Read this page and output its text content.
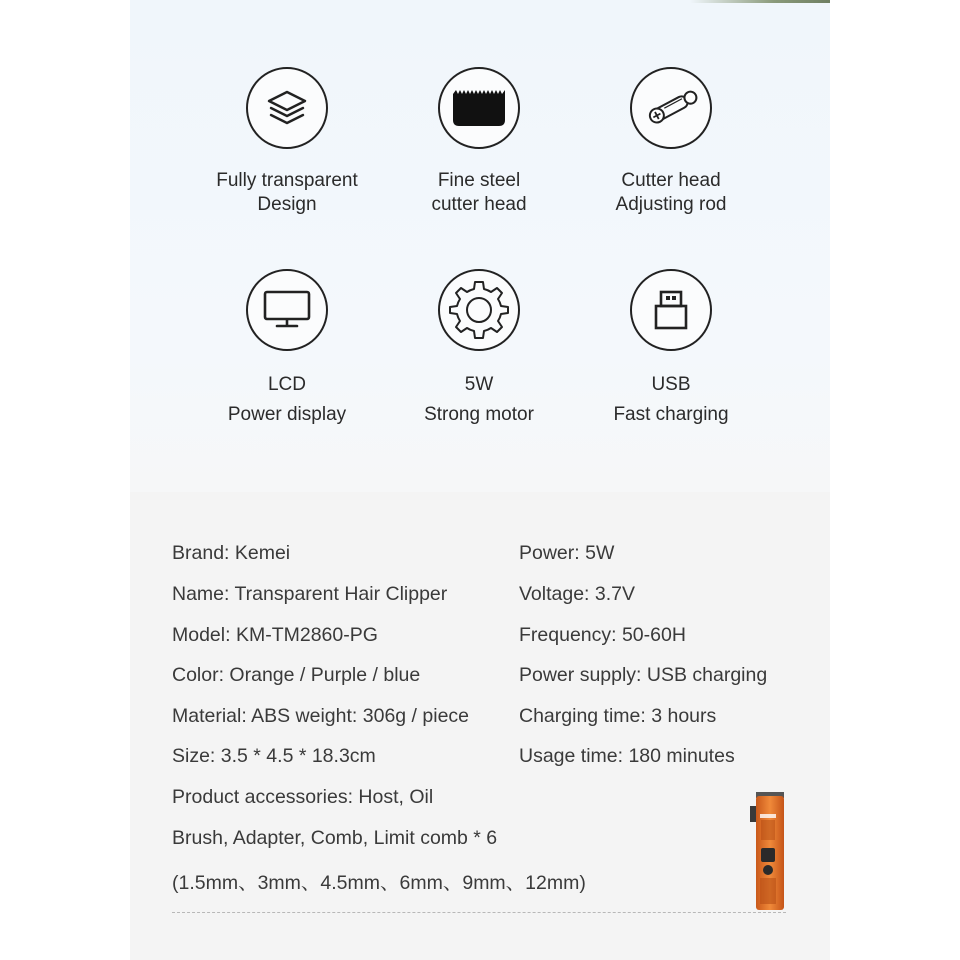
Fully transparent
Design
Fine steel
cutter head
Cutter head
Adjusting rod
LCD
Power display
5W
Strong motor
USB
Fast charging
Brand: Kemei
Name: Transparent Hair Clipper
Model: KM-TM2860-PG
Color: Orange / Purple / blue
Material: ABS weight: 306g / piece
Size: 3.5 * 4.5 * 18.3cm
Product accessories: Host, Oil
Brush, Adapter, Comb, Limit comb * 6
(1.5mm、3mm、4.5mm、6mm、9mm、12mm)
Power: 5W
Voltage: 3.7V
Frequency: 50-60H
Power supply: USB charging
Charging time: 3 hours
Usage time: 180 minutes
